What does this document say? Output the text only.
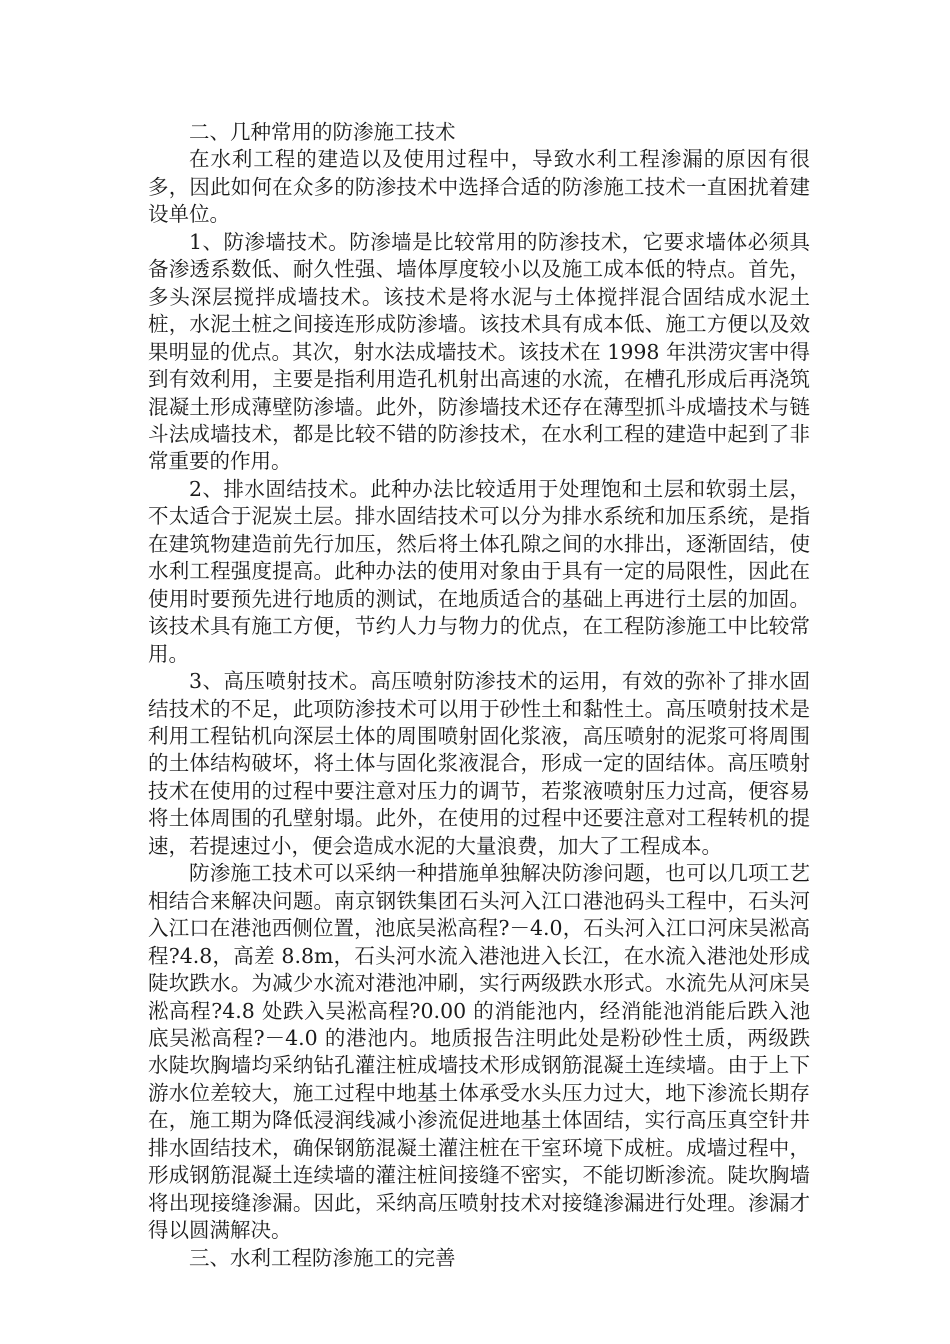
二、几种常用的防渗施工技术

在水利工程的建造以及使用过程中，导致水利工程渗漏的原因有很多，因此如何在众多的防渗技术中选择合适的防渗施工技术一直困扰着建设单位。

1、防渗墙技术。防渗墙是比较常用的防渗技术，它要求墙体必须具备渗透系数低、耐久性强、墙体厚度较小以及施工成本低的特点。首先，多头深层搅拌成墙技术。该技术是将水泥与土体搅拌混合固结成水泥土桩，水泥土桩之间接连形成防渗墙。该技术具有成本低、施工方便以及效果明显的优点。其次，射水法成墙技术。该技术在 1998 年洪涝灾害中得到有效利用，主要是指利用造孔机射出高速的水流，在槽孔形成后再浇筑混凝土形成薄壁防渗墙。此外，防渗墙技术还存在薄型抓斗成墙技术与链斗法成墙技术，都是比较不错的防渗技术，在水利工程的建造中起到了非常重要的作用。

2、排水固结技术。此种办法比较适用于处理饱和土层和软弱土层，不太适合于泥炭土层。排水固结技术可以分为排水系统和加压系统，是指在建筑物建造前先行加压，然后将土体孔隙之间的水排出，逐渐固结，使水利工程强度提高。此种办法的使用对象由于具有一定的局限性，因此在使用时要预先进行地质的测试，在地质适合的基础上再进行土层的加固。该技术具有施工方便，节约人力与物力的优点，在工程防渗施工中比较常用。

3、高压喷射技术。高压喷射防渗技术的运用，有效的弥补了排水固结技术的不足，此项防渗技术可以用于砂性土和黏性土。高压喷射技术是利用工程钻机向深层土体的周围喷射固化浆液，高压喷射的泥浆可将周围的土体结构破坏，将土体与固化浆液混合，形成一定的固结体。高压喷射技术在使用的过程中要注意对压力的调节，若浆液喷射压力过高，便容易将土体周围的孔壁射塌。此外，在使用的过程中还要注意对工程转机的提速，若提速过小，便会造成水泥的大量浪费，加大了工程成本。

防渗施工技术可以采纳一种措施单独解决防渗问题，也可以几项工艺相结合来解决问题。南京钢铁集团石头河入江口港池码头工程中，石头河入江口在港池西侧位置，池底吴淞高程?－4.0，石头河入江口河床吴淞高程?4.8，高差 8.8m，石头河水流入港池进入长江，在水流入港池处形成陡坎跌水。为减少水流对港池冲刷，实行两级跌水形式。水流先从河床吴淞高程?4.8 处跌入吴淞高程?0.00 的消能池内，经消能池消能后跌入池底吴淞高程?－4.0 的港池内。地质报告注明此处是粉砂性土质，两级跌水陡坎胸墙均采纳钻孔灌注桩成墙技术形成钢筋混凝土连续墙。由于上下游水位差较大，施工过程中地基土体承受水头压力过大，地下渗流长期存在，施工期为降低浸润线减小渗流促进地基土体固结，实行高压真空针井排水固结技术，确保钢筋混凝土灌注桩在干室环境下成桩。成墙过程中，形成钢筋混凝土连续墙的灌注桩间接缝不密实，不能切断渗流。陡坎胸墙将出现接缝渗漏。因此，采纳高压喷射技术对接缝渗漏进行处理。渗漏才得以圆满解决。

三、水利工程防渗施工的完善
